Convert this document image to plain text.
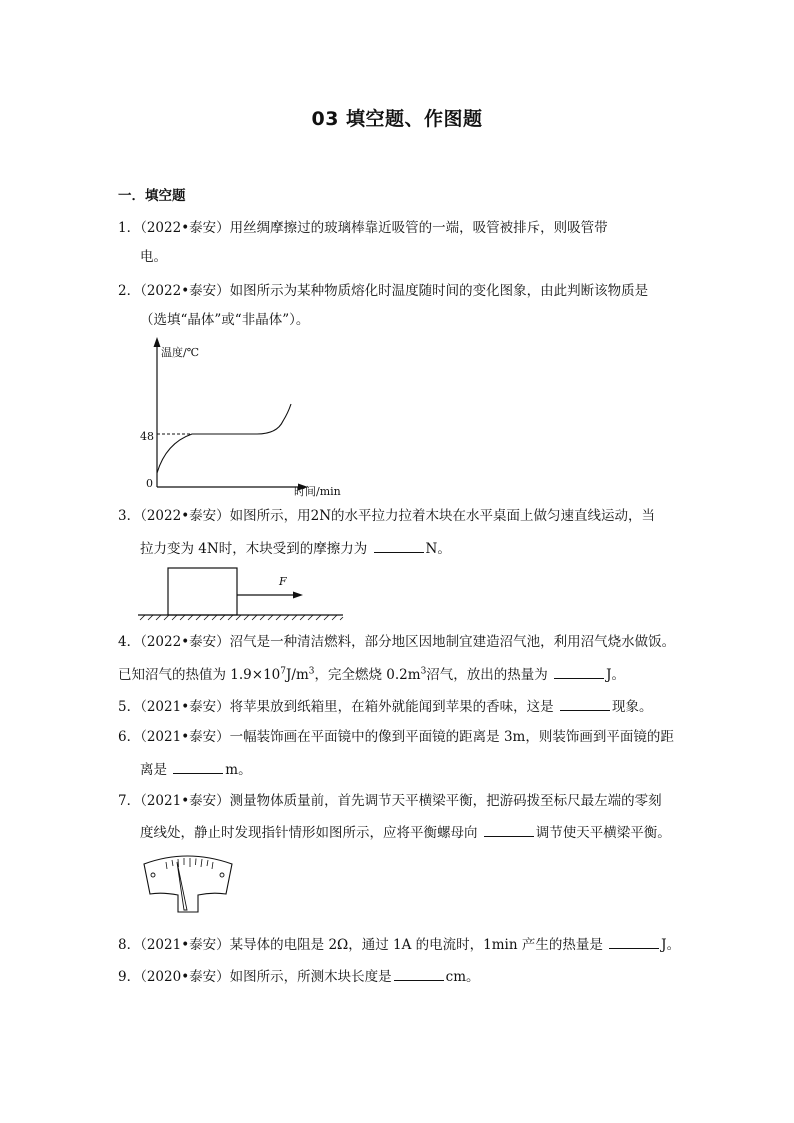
03 填空题、作图题
一．填空题
1．（2022•泰安）用丝绸摩擦过的玻璃棒靠近吸管的一端，吸管被排斥，则吸管带
电。
2．（2022•泰安）如图所示为某种物质熔化时温度随时间的变化图象，由此判断该物质是
（选填“晶体”或“非晶体”）。
温度/℃
时间/min
0
48
3．（2022•泰安）如图所示，用2N的水平拉力拉着木块在水平桌面上做匀速直线运动，当
拉力变为 4N时，木块受到的摩擦力为	N。
F
4．（2022•泰安）沼气是一种清洁燃料，部分地区因地制宜建造沼气池，利用沼气烧水做饭。
已知沼气的热值为 $1.9\times 10^7J/m^3$，完全燃烧 $0.2m^3$沼气，放出的热量为	J。
5．（2021•泰安）将苹果放到纸箱里，在箱外就能闻到苹果的香味，这是	现象。
6．（2021•泰安）一幅装饰画在平面镜中的像到平面镜的距离是 3m，则装饰画到平面镜的距
离是	m。
7．（2021•泰安）测量物体质量前，首先调节天平横梁平衡，把游码拨至标尺最左端的零刻
度线处，静止时发现指针情形如图所示，应将平衡螺母向	调节使天平横梁平衡。
8．（2021•泰安）某导体的电阻是 2Ω，通过 1A 的电流时，1min 产生的热量是	J。
9．（2020•泰安）如图所示，所测木块长度是	cm。
